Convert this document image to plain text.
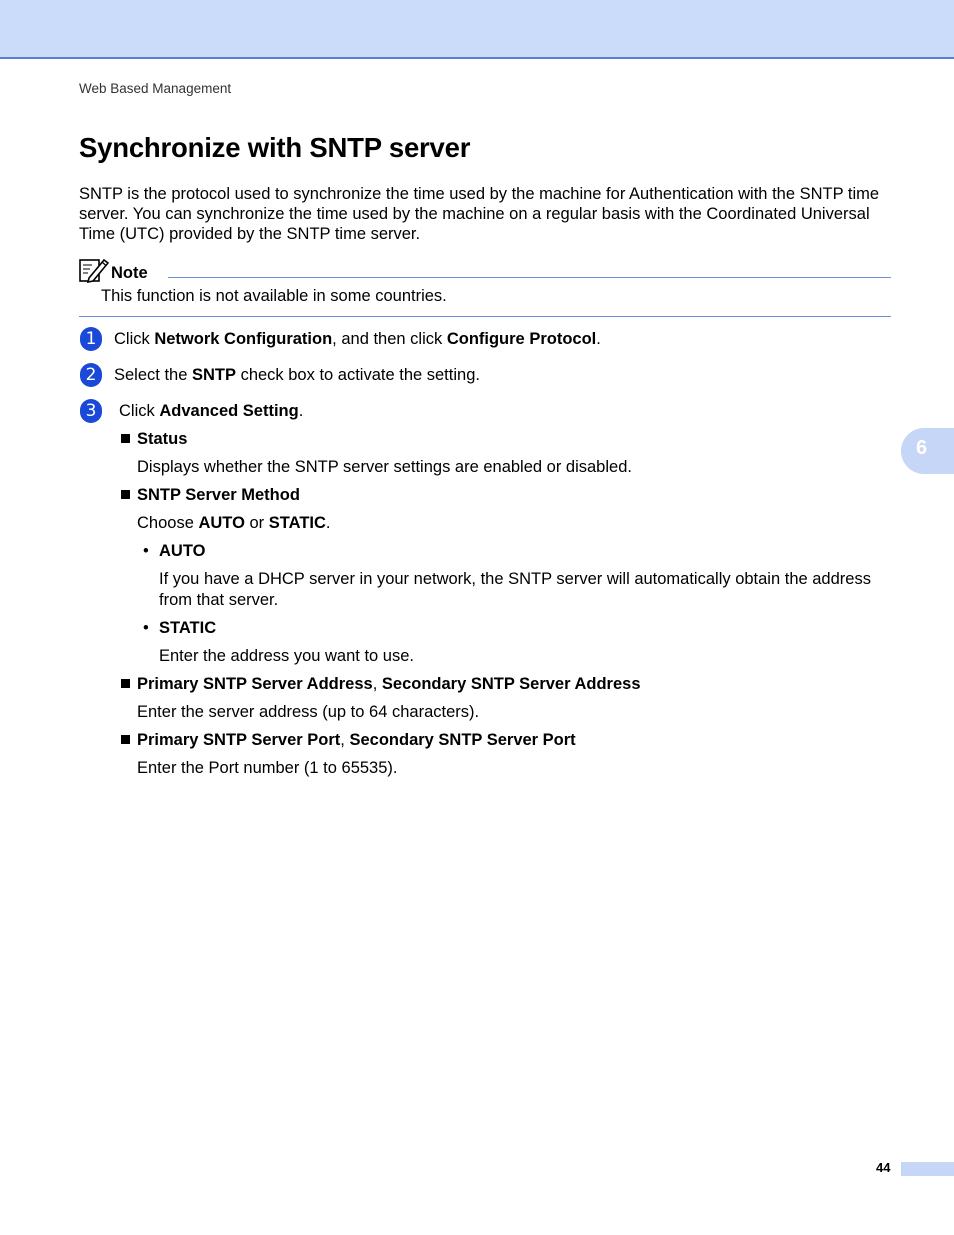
Web Based Management
Synchronize with SNTP server
SNTP is the protocol used to synchronize the time used by the machine for Authentication with the SNTP time server. You can synchronize the time used by the machine on a regular basis with the Coordinated Universal Time (UTC) provided by the SNTP time server.
Note
This function is not available in some countries.
1	Click Network Configuration, and then click Configure Protocol.
2	Select the SNTP check box to activate the setting.
3	Click Advanced Setting.
Status
Displays whether the SNTP server settings are enabled or disabled.
SNTP Server Method
Choose AUTO or STATIC.
• AUTO
If you have a DHCP server in your network, the SNTP server will automatically obtain the address from that server.
• STATIC
Enter the address you want to use.
Primary SNTP Server Address, Secondary SNTP Server Address
Enter the server address (up to 64 characters).
Primary SNTP Server Port, Secondary SNTP Server Port
Enter the Port number (1 to 65535).
6
44
